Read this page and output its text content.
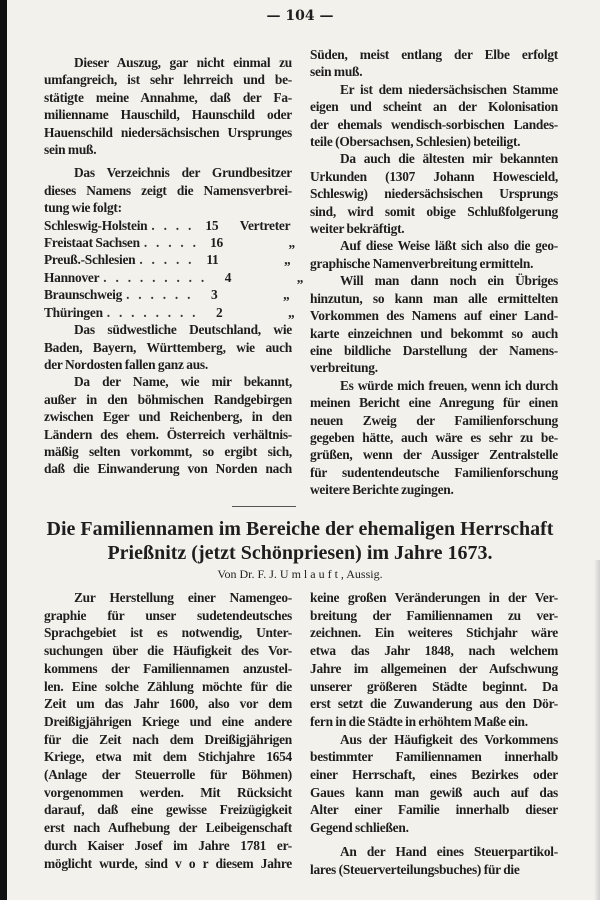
— 104 —
Dieser Auszug, gar nicht einmal zu
umfangreich, ist sehr lehrreich und be-
stätigte meine Annahme, daß der Fa-
milienname Hauschild, Haunschild oder
Hauenschild niedersächsischen Ursprunges
sein muß.
Das Verzeichnis der Grundbesitzer
dieses Namens zeigt die Namensverbrei-
tung wie folgt:
Schleswig-Holstein . . . . 15	Vertreter
Freistaat Sachsen . . . . . 16	„
Preuß.-Schlesien . . . . . 11	„
Hannover . . . . . . . . .	4	„
Braunschweig . . . . . .	3	„
Thüringen . . . . . . . .	2	„
Das südwestliche Deutschland, wie
Baden, Bayern, Württemberg, wie auch
der Nordosten fallen ganz aus.
Da der Name, wie mir bekannt,
außer in den böhmischen Randgebirgen
zwischen Eger und Reichenberg, in den
Ländern des ehem. Österreich verhältnis-
mäßig selten vorkommt, so ergibt sich,
daß die Einwanderung von Norden nach
Süden, meist entlang der Elbe erfolgt
sein muß.
Er ist dem niedersächsischen Stamme
eigen und scheint an der Kolonisation
der ehemals wendisch-sorbischen Landes-
teile (Obersachsen, Schlesien) beteiligt.
Da auch die ältesten mir bekannten
Urkunden (1307 Johann Howescield,
Schleswig) niedersächsischen Ursprungs
sind, wird somit obige Schlußfolgerung
weiter bekräftigt.
Auf diese Weise läßt sich also die geo-
graphische Namenverbreitung ermitteln.
Will man dann noch ein Übriges
hinzutun, so kann man alle ermittelten
Vorkommen des Namens auf einer Land-
karte einzeichnen und bekommt so auch
eine bildliche Darstellung der Namens-
verbreitung.
Es würde mich freuen, wenn ich durch
meinen Bericht eine Anregung für einen
neuen Zweig der Familienforschung
gegeben hätte, auch wäre es sehr zu be-
grüßen, wenn der Aussiger Zentralstelle
für sudentendeutsche Familienforschung
weitere Berichte zugingen.
Die Familiennamen im Bereiche der ehemaligen Herrschaft
Prießnitz (jetzt Schönpriesen) im Jahre 1673.
Von Dr. F. J. Umlauft, Aussig.
Zur Herstellung einer Namengeo-
graphie für unser sudetendeutsches
Sprachgebiet ist es notwendig, Unter-
suchungen über die Häufigkeit des Vor-
kommens der Familiennamen anzustel-
len. Eine solche Zählung möchte für die
Zeit um das Jahr 1600, also vor dem
Dreißigjährigen Kriege und eine andere
für die Zeit nach dem Dreißigjährigen
Kriege, etwa mit dem Stichjahre 1654
(Anlage der Steuerrolle für Böhmen)
vorgenommen werden. Mit Rücksicht
darauf, daß eine gewisse Freizügigkeit
erst nach Aufhebung der Leibeigenschaft
durch Kaiser Josef im Jahre 1781 er-
möglicht wurde, sind v o r diesem Jahre
keine großen Veränderungen in der Ver-
breitung der Familiennamen zu ver-
zeichnen. Ein weiteres Stichjahr wäre
etwa das Jahr 1848, nach welchem
Jahre im allgemeinen der Aufschwung
unserer größeren Städte beginnt. Da
erst setzt die Zuwanderung aus den Dör-
fern in die Städte in erhöhtem Maße ein.
Aus der Häufigkeit des Vorkommens
bestimmter Familiennamen innerhalb
einer Herrschaft, eines Bezirkes oder
Gaues kann man gewiß auch auf das
Alter einer Familie innerhalb dieser
Gegend schließen.
An der Hand eines Steuerpartikol-
lares (Steuerverteilungsbuches) für die
